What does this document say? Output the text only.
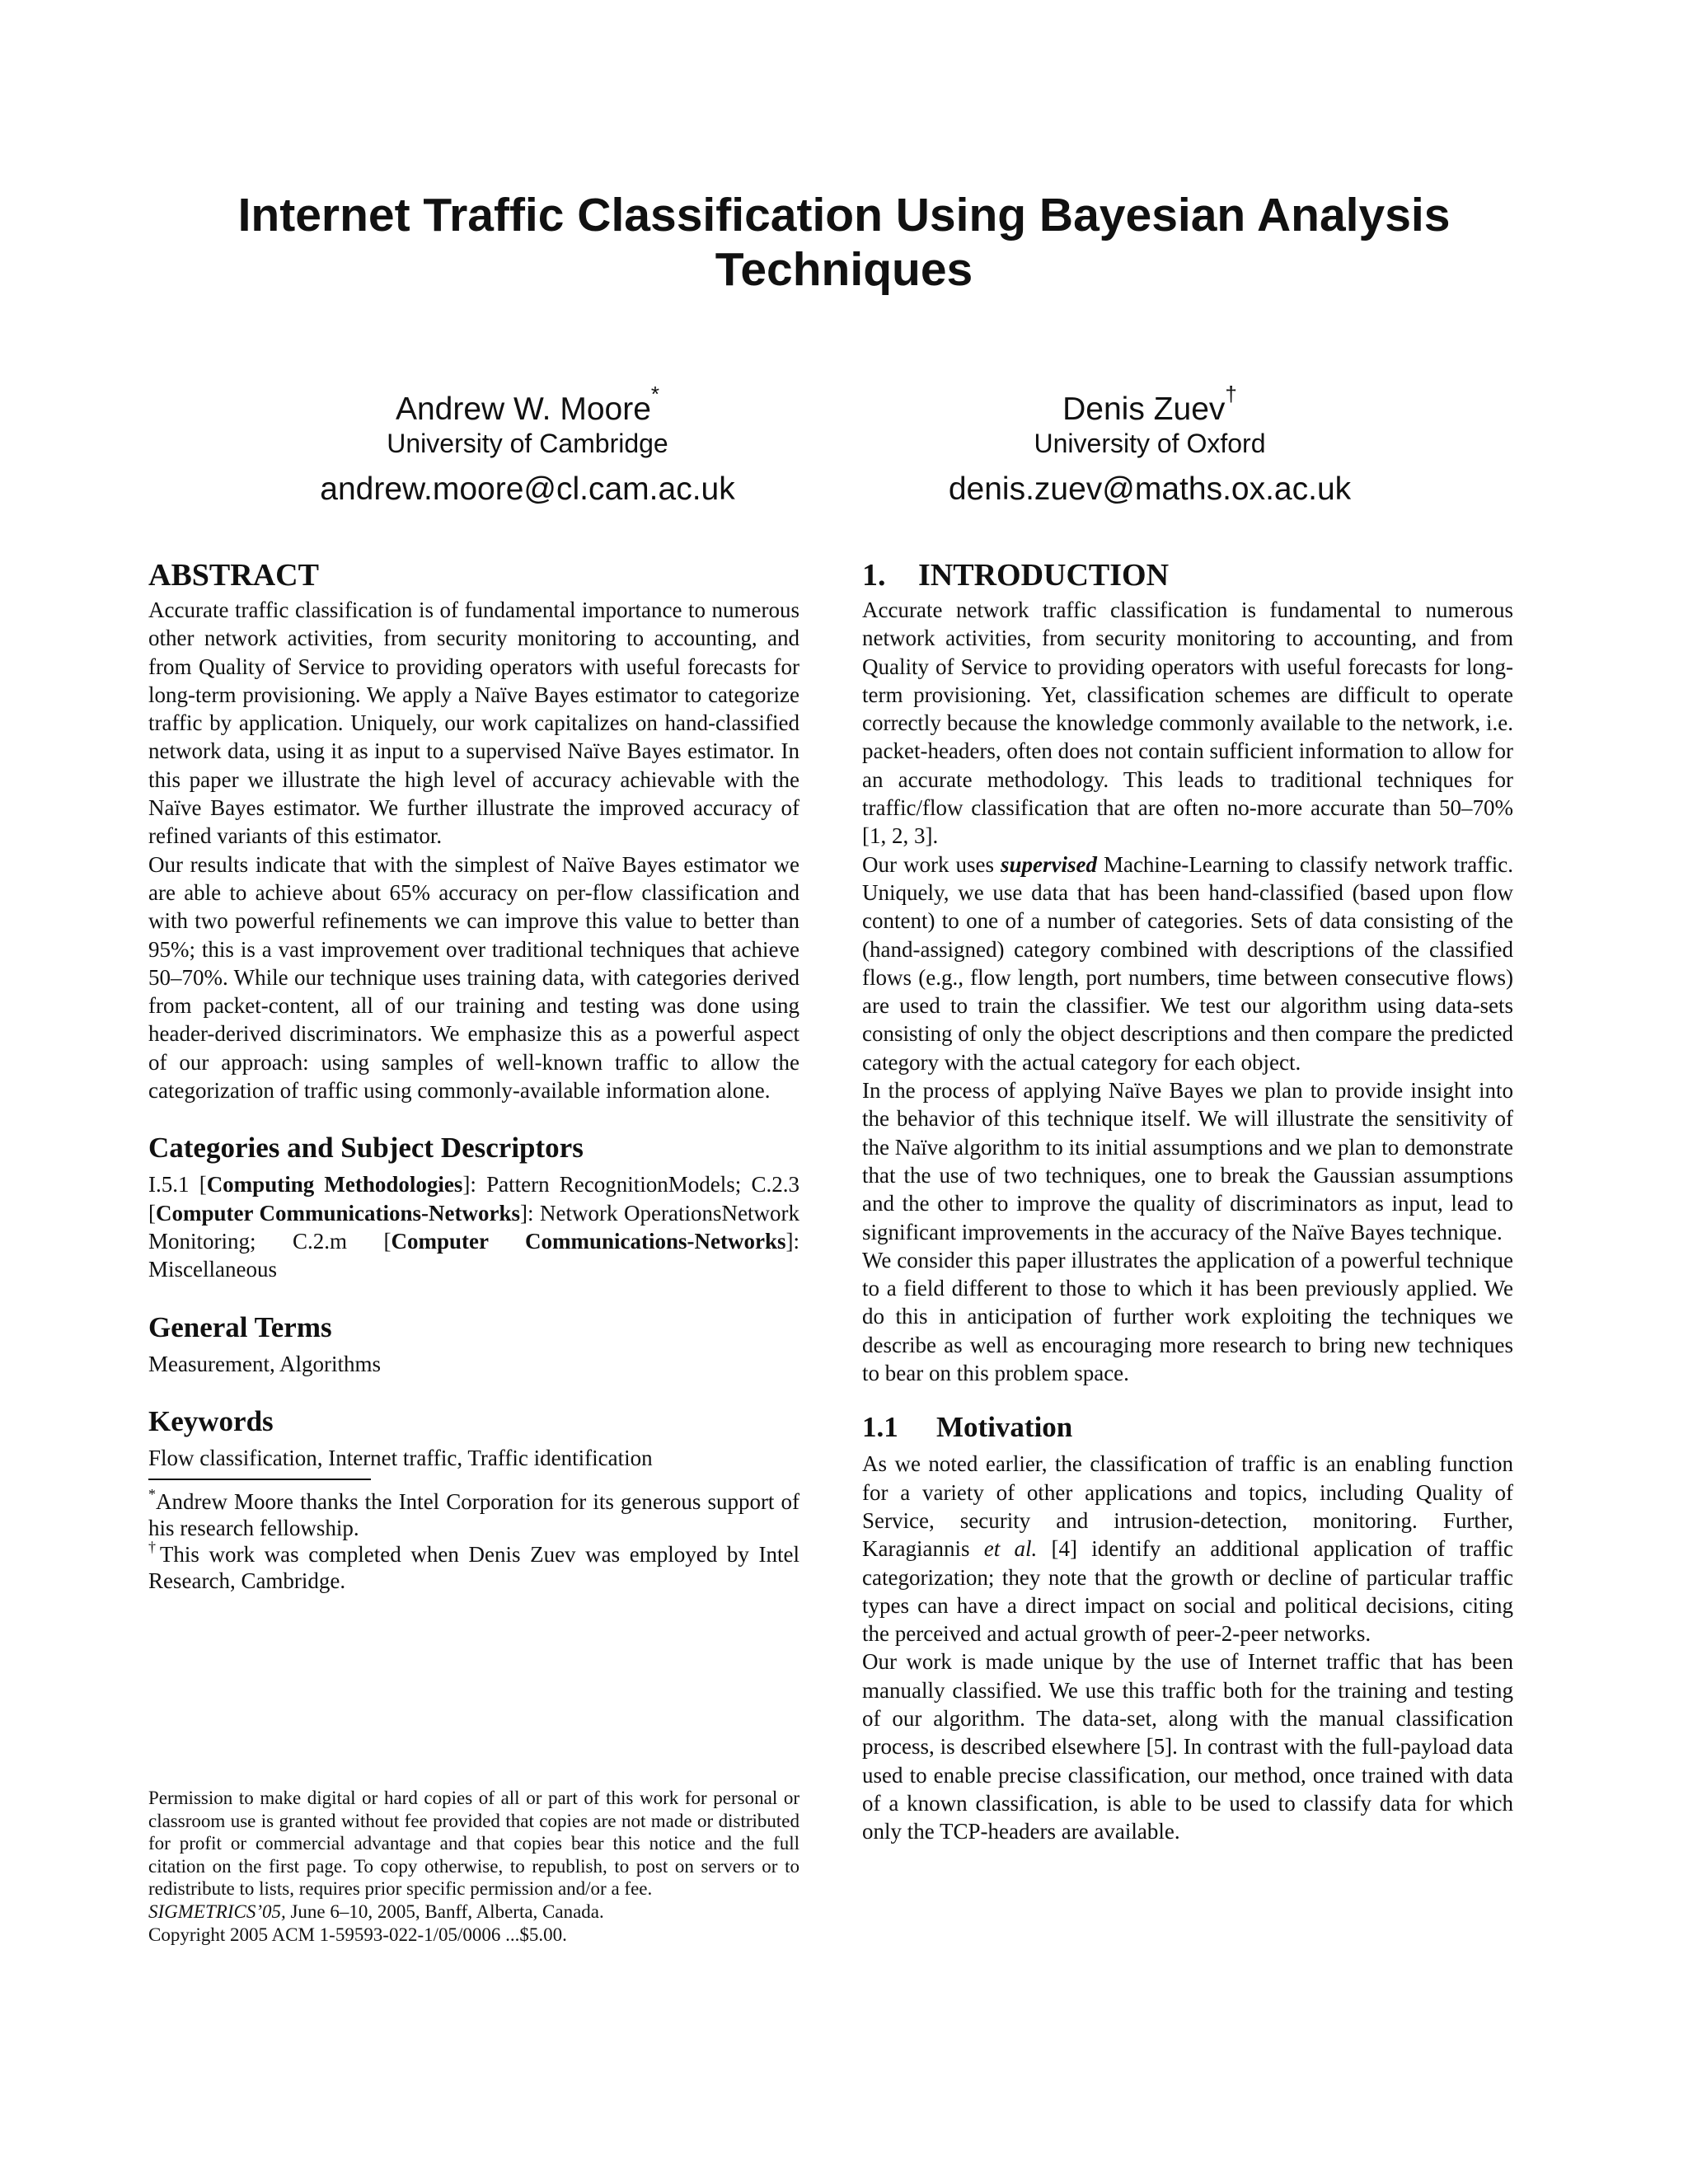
Internet Traffic Classification Using Bayesian Analysis Techniques
Andrew W. Moore*
University of Cambridge
andrew.moore@cl.cam.ac.uk
Denis Zuev†
University of Oxford
denis.zuev@maths.ox.ac.uk
ABSTRACT

Accurate traffic classification is of fundamental importance to numerous other network activities, from security monitoring to accounting, and from Quality of Service to providing operators with useful forecasts for long-term provisioning. We apply a Naïve Bayes estimator to categorize traffic by application. Uniquely, our work capitalizes on hand-classified network data, using it as input to a supervised Naïve Bayes estimator. In this paper we illustrate the high level of accuracy achievable with the Naïve Bayes estimator. We further illustrate the improved accuracy of refined variants of this estimator.

Our results indicate that with the simplest of Naïve Bayes estimator we are able to achieve about 65% accuracy on per-flow classification and with two powerful refinements we can improve this value to better than 95%; this is a vast improvement over traditional techniques that achieve 50–70%. While our technique uses training data, with categories derived from packet-content, all of our training and testing was done using header-derived discriminators. We emphasize this as a powerful aspect of our approach: using samples of well-known traffic to allow the categorization of traffic using commonly-available information alone.

Categories and Subject Descriptors

I.5.1 [Computing Methodologies]: Pattern RecognitionModels; C.2.3 [Computer Communications-Networks]: Network OperationsNetwork Monitoring; C.2.m [Computer Communications-Networks]: Miscellaneous

General Terms

Measurement, Algorithms

Keywords

Flow classification, Internet traffic, Traffic identification

*Andrew Moore thanks the Intel Corporation for its generous support of his research fellowship.

†This work was completed when Denis Zuev was employed by Intel Research, Cambridge.

Permission to make digital or hard copies of all or part of this work for personal or classroom use is granted without fee provided that copies are not made or distributed for profit or commercial advantage and that copies bear this notice and the full citation on the first page. To copy otherwise, to republish, to post on servers or to redistribute to lists, requires prior specific permission and/or a fee.

SIGMETRICS’05, June 6–10, 2005, Banff, Alberta, Canada.

Copyright 2005 ACM 1-59593-022-1/05/0006 ...$5.00.

1. INTRODUCTION

Accurate network traffic classification is fundamental to numerous network activities, from security monitoring to accounting, and from Quality of Service to providing operators with useful forecasts for long-term provisioning. Yet, classification schemes are difficult to operate correctly because the knowledge commonly available to the network, i.e. packet-headers, often does not contain sufficient information to allow for an accurate methodology. This leads to traditional techniques for traffic/flow classification that are often no-more accurate than 50–70% [1, 2, 3].

Our work uses supervised Machine-Learning to classify network traffic. Uniquely, we use data that has been hand-classified (based upon flow content) to one of a number of categories. Sets of data consisting of the (hand-assigned) category combined with descriptions of the classified flows (e.g., flow length, port numbers, time between consecutive flows) are used to train the classifier. We test our algorithm using data-sets consisting of only the object descriptions and then compare the predicted category with the actual category for each object.

In the process of applying Naïve Bayes we plan to provide insight into the behavior of this technique itself. We will illustrate the sensitivity of the Naïve algorithm to its initial assumptions and we plan to demonstrate that the use of two techniques, one to break the Gaussian assumptions and the other to improve the quality of discriminators as input, lead to significant improvements in the accuracy of the Naïve Bayes technique.

We consider this paper illustrates the application of a powerful technique to a field different to those to which it has been previously applied. We do this in anticipation of further work exploiting the techniques we describe as well as encouraging more research to bring new techniques to bear on this problem space.

1.1 Motivation

As we noted earlier, the classification of traffic is an enabling function for a variety of other applications and topics, including Quality of Service, security and intrusion-detection, monitoring. Further, Karagiannis et al. [4] identify an additional application of traffic categorization; they note that the growth or decline of particular traffic types can have a direct impact on social and political decisions, citing the perceived and actual growth of peer-2-peer networks.

Our work is made unique by the use of Internet traffic that has been manually classified. We use this traffic both for the training and testing of our algorithm. The data-set, along with the manual classification process, is described elsewhere [5]. In contrast with the full-payload data used to enable precise classification, our method, once trained with data of a known classification, is able to be used to classify data for which only the TCP-headers are available.
